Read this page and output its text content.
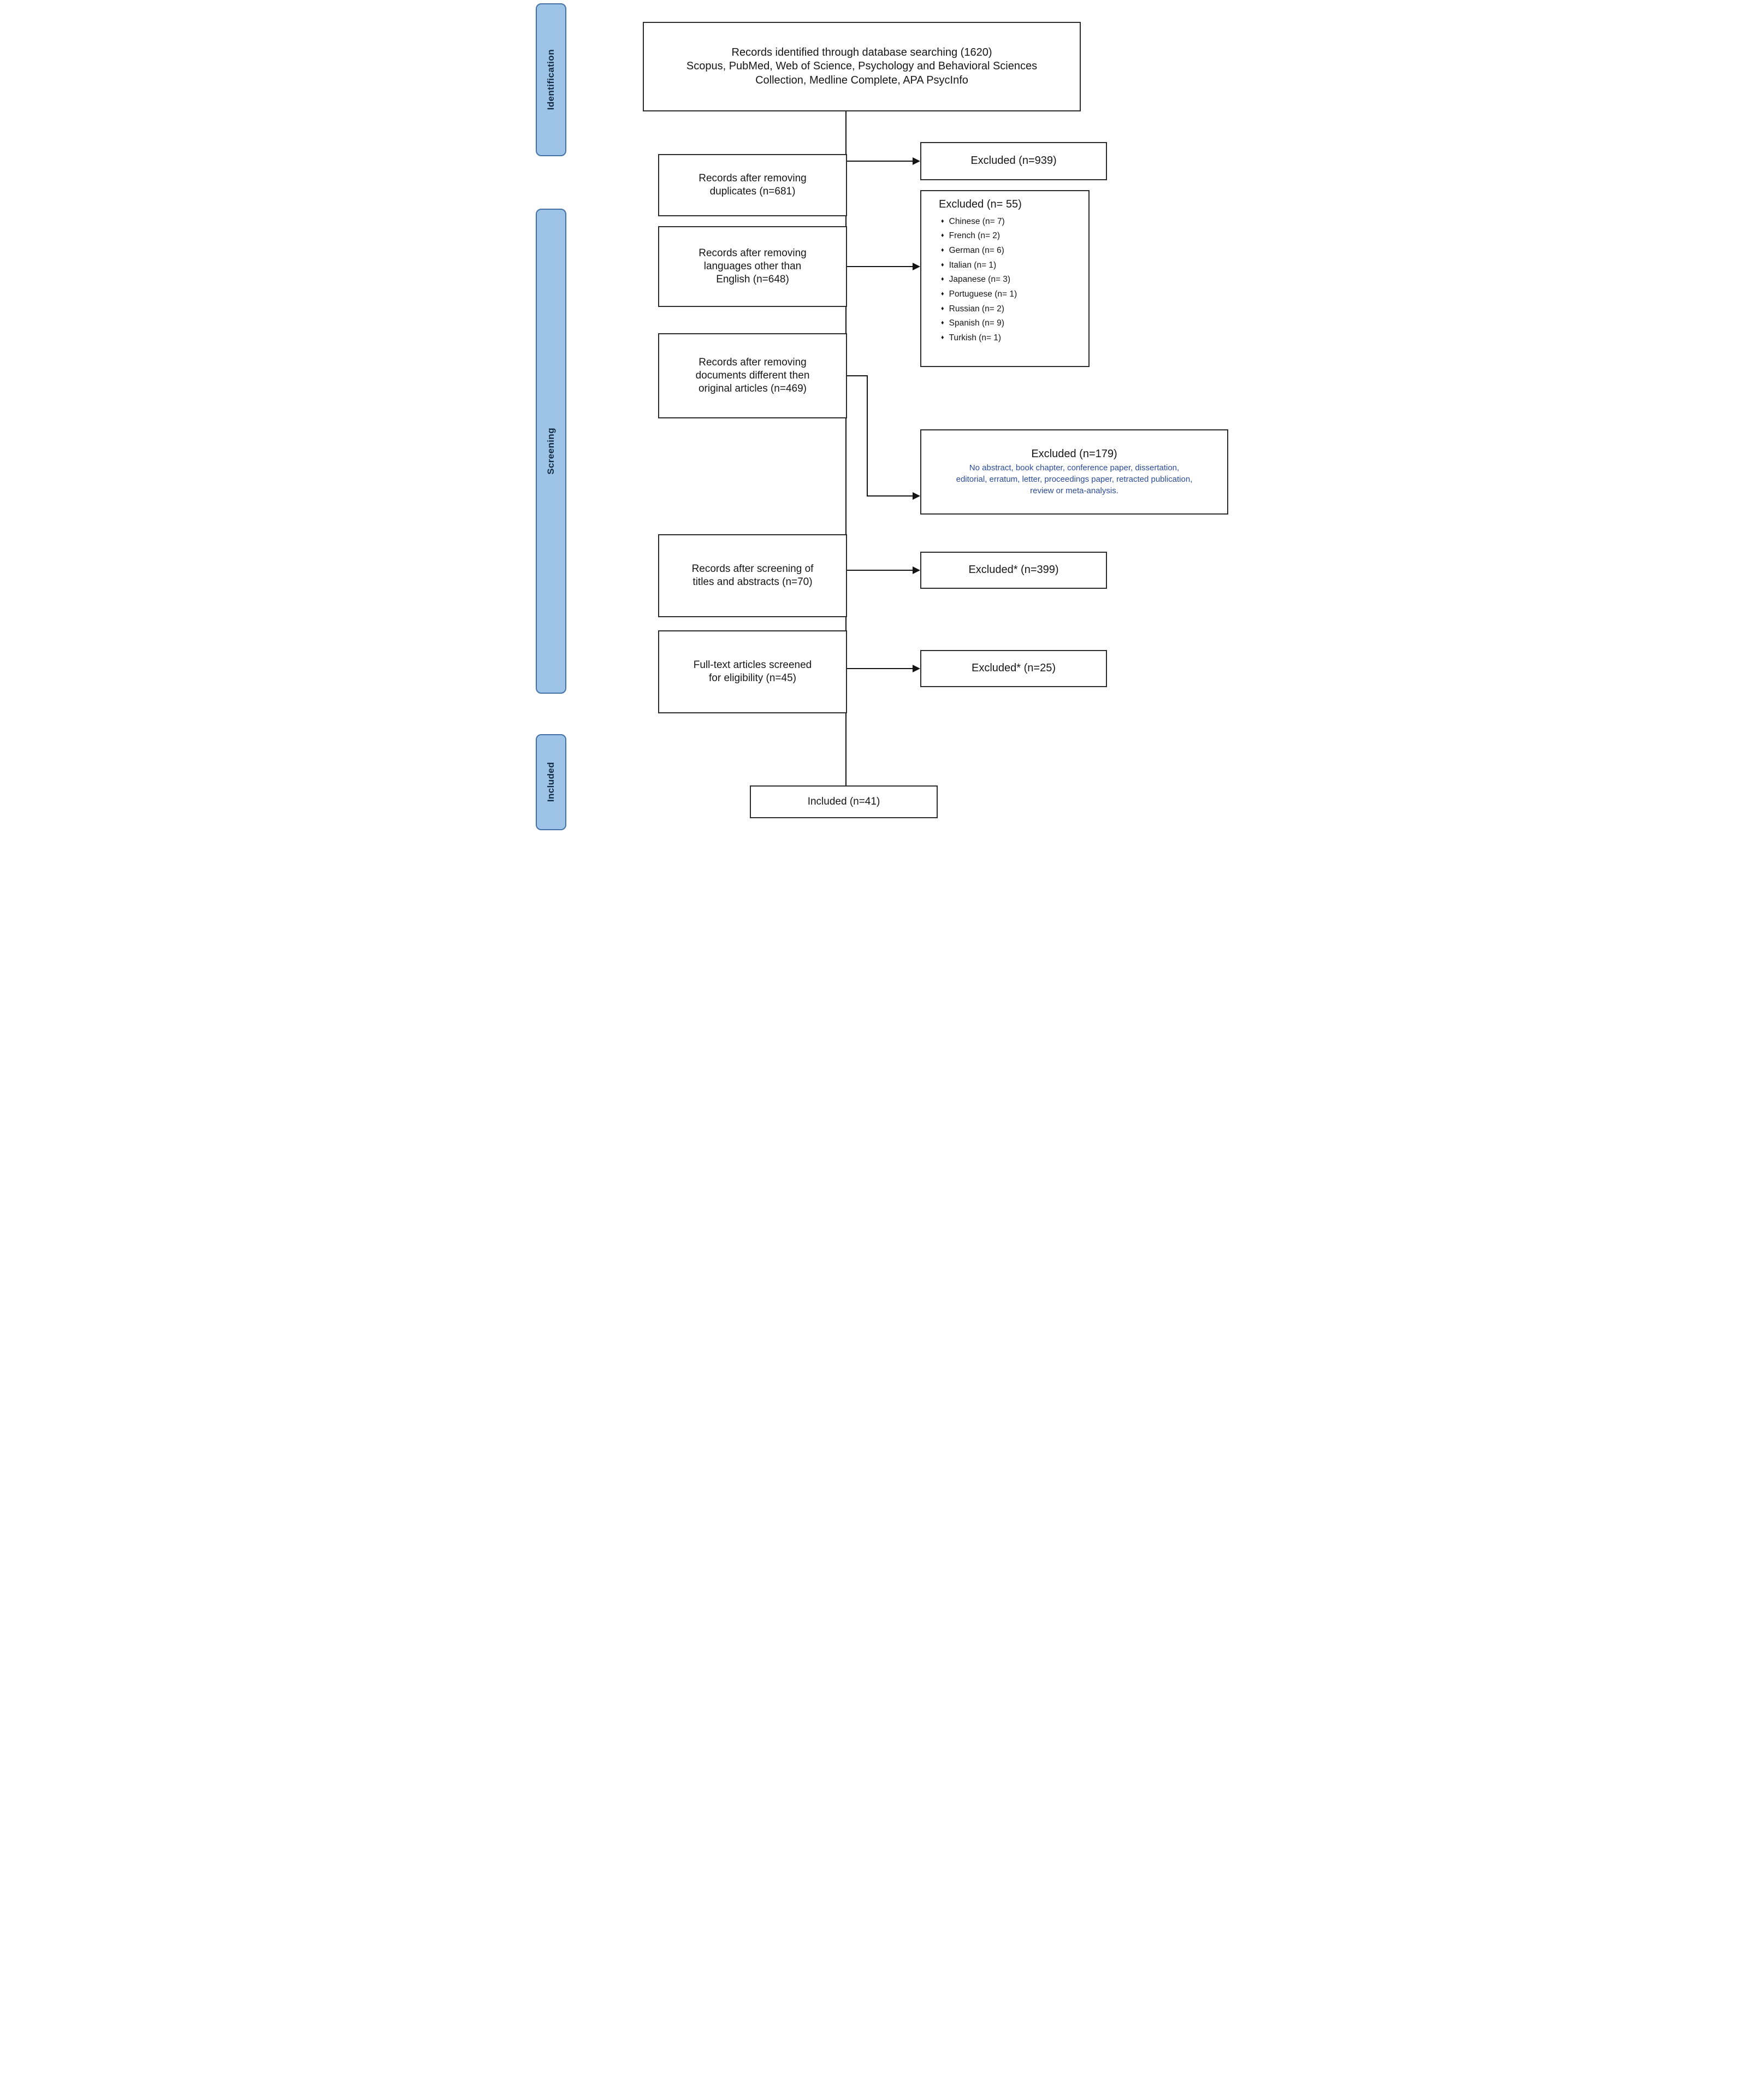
Identification
Screening
Included
Records identified through database searching (1620)
Scopus, PubMed, Web of Science, Psychology and Behavioral Sciences Collection, Medline Complete, APA PsycInfo
Records after removing duplicates (n=681)
Records after removing languages other than English (n=648)
Records after removing documents different then original articles (n=469)
Records after screening of titles and abstracts (n=70)
Full-text articles screened for eligibility (n=45)
Included (n=41)
Excluded (n=939)
Excluded (n= 55)
♦ Chinese (n= 7)
♦ French (n= 2)
♦ German (n= 6)
♦ Italian (n= 1)
♦ Japanese (n= 3)
♦ Portuguese (n= 1)
♦ Russian (n= 2)
♦ Spanish (n= 9)
♦ Turkish (n= 1)
Excluded (n=179)
No abstract, book chapter, conference paper, dissertation, editorial, erratum, letter, proceedings paper, retracted publication, review or meta-analysis.
Excluded* (n=399)
Excluded* (n=25)
